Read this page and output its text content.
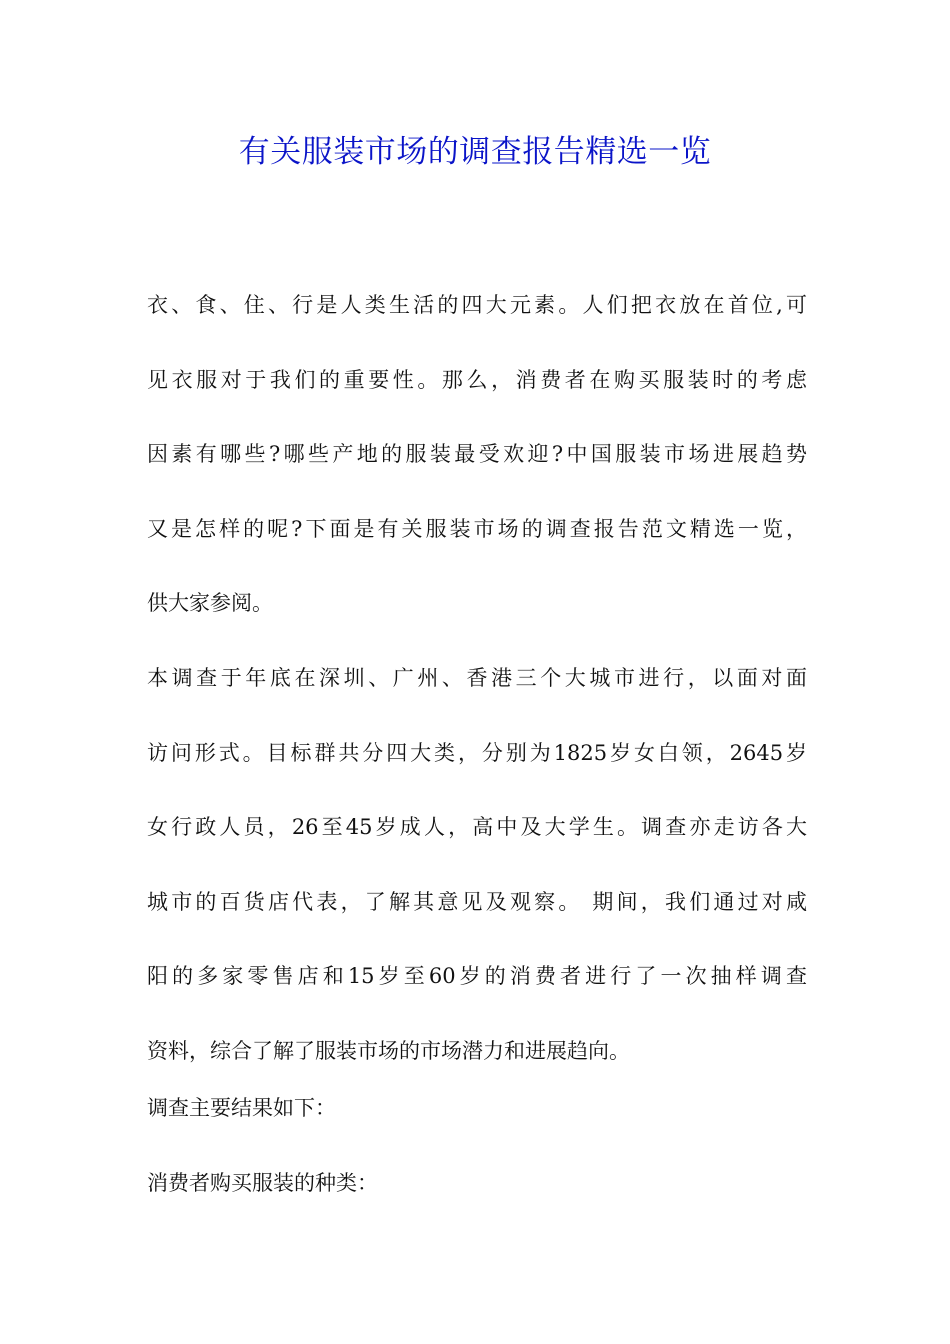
有关服装市场的调查报告精选一览
衣、食、住、行是人类生活的四大元素。人们把衣放在首位,可
见衣服对于我们的重要性。那么，消费者在购买服装时的考虑
因素有哪些?哪些产地的服装最受欢迎?中国服装市场进展趋势
又是怎样的呢?下面是有关服装市场的调查报告范文精选一览，
供大家参阅。
本调查于年底在深圳、广州、香港三个大城市进行，以面对面
访问形式。目标群共分四大类，分别为1825岁女白领，2645岁
女行政人员，26至45岁成人，高中及大学生。调查亦走访各大
城市的百货店代表，了解其意见及观察。 期间，我们通过对咸
阳的多家零售店和15岁至60岁的消费者进行了一次抽样调查
资料，综合了解了服装市场的市场潜力和进展趋向。

调查主要结果如下：

消费者购买服装的种类：
